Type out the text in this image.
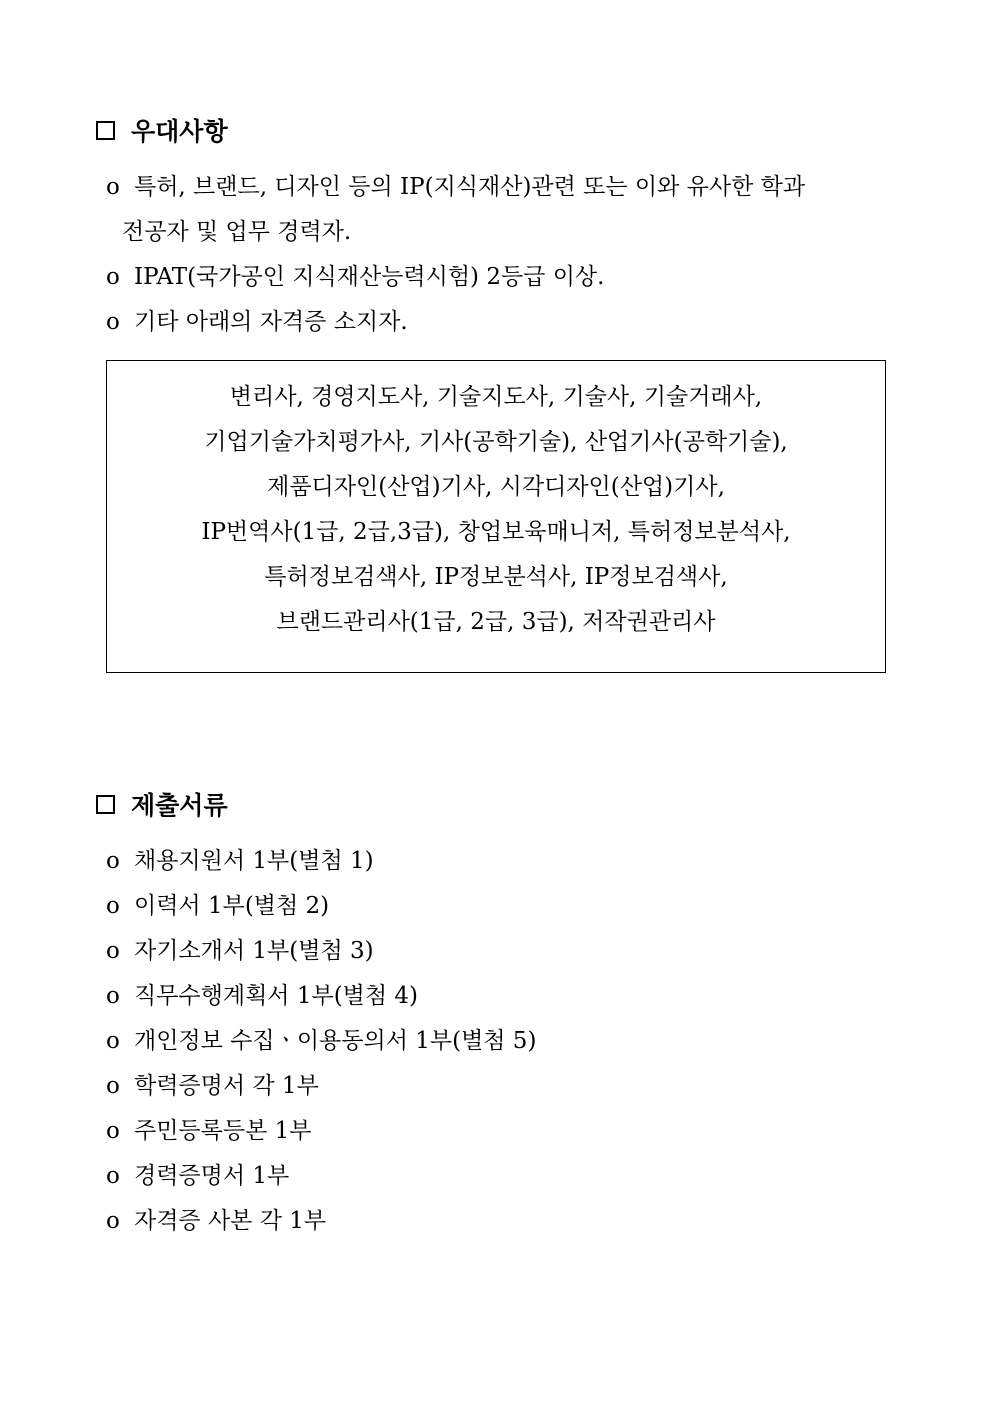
우대사항
o 특허, 브랜드, 디자인 등의 IP(지식재산)관련 또는 이와 유사한 학과
전공자 및 업무 경력자.
o IPAT(국가공인 지식재산능력시험) 2등급 이상.
o 기타 아래의 자격증 소지자.
변리사, 경영지도사, 기술지도사, 기술사, 기술거래사,
기업기술가치평가사, 기사(공학기술), 산업기사(공학기술),
제품디자인(산업)기사, 시각디자인(산업)기사,
IP번역사(1급, 2급,3급), 창업보육매니저, 특허정보분석사,
특허정보검색사, IP정보분석사, IP정보검색사,
브랜드관리사(1급, 2급, 3급), 저작권관리사
제출서류
o 채용지원서 1부(별첨 1)
o 이력서 1부(별첨 2)
o 자기소개서 1부(별첨 3)
o 직무수행계획서 1부(별첨 4)
o 개인정보 수집ㆍ이용동의서 1부(별첨 5)
o 학력증명서 각 1부
o 주민등록등본 1부
o 경력증명서 1부
o 자격증 사본 각 1부
